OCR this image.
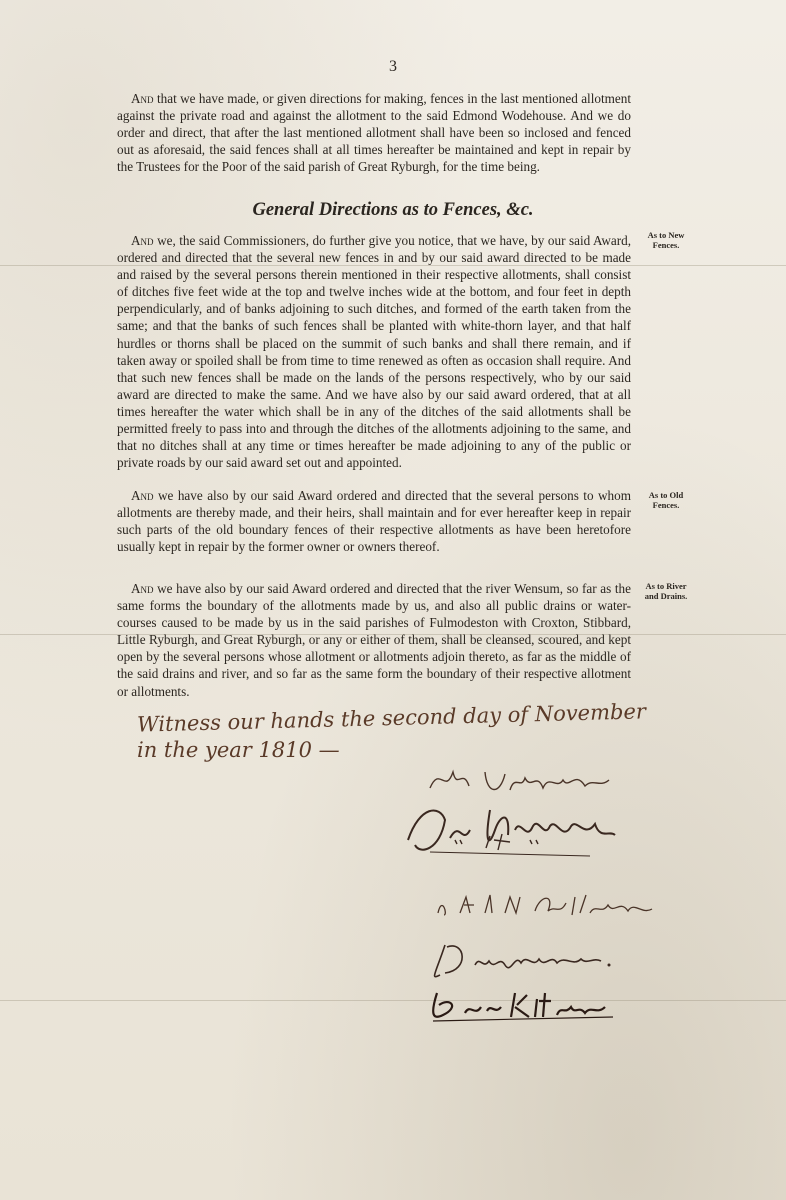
3

And that we have made, or given directions for making, fences in the last mentioned allotment against the private road and against the allotment to the said Edmond Wodehouse. And we do order and direct, that after the last mentioned allotment shall have been so inclosed and fenced out as aforesaid, the said fences shall at all times hereafter be maintained and kept in repair by the Trustees for the Poor of the said parish of Great Ryburgh, for the time being.

General Directions as to Fences, &c.

And we, the said Commissioners, do further give you notice, that we have, by our said Award, ordered and directed that the several new fences in and by our said award directed to be made and raised by the several persons therein mentioned in their respective allotments, shall consist of ditches five feet wide at the top and twelve inches wide at the bottom, and four feet in depth perpendicularly, and of banks adjoining to such ditches, and formed of the earth taken from the same; and that the banks of such fences shall be planted with white-thorn layer, and that half hurdles or thorns shall be placed on the summit of such banks and shall there remain, and if taken away or spoiled shall be from time to time renewed as often as occasion shall require. And that such new fences shall be made on the lands of the persons respectively, who by our said award are directed to make the same. And we have also by our said award ordered, that at all times hereafter the water which shall be in any of the ditches of the said allotments shall be permitted freely to pass into and through the ditches of the allotments adjoining to the same, and that no ditches shall at any time or times hereafter be made adjoining to any of the public or private roads by our said award set out and appointed.

As to New Fences.

And we have also by our said Award ordered and directed that the several persons to whom allotments are thereby made, and their heirs, shall maintain and for ever hereafter keep in repair such parts of the old boundary fences of their respective allotments as have been heretofore usually kept in repair by the former owner or owners thereof.

As to Old Fences.

And we have also by our said Award ordered and directed that the river Wensum, so far as the same forms the boundary of the allotments made by us, and also all public drains or water-courses caused to be made by us in the said parishes of Fulmodeston with Croxton, Stibbard, Little Ryburgh, and Great Ryburgh, or any or either of them, shall be cleansed, scoured, and kept open by the several persons whose allotment or allotments adjoin thereto, as far as the middle of the said drains and river, and so far as the same form the boundary of their respective allotment or allotments.

As to River and Drains.
Witness our hands the second day of November
in the year 1810 —
